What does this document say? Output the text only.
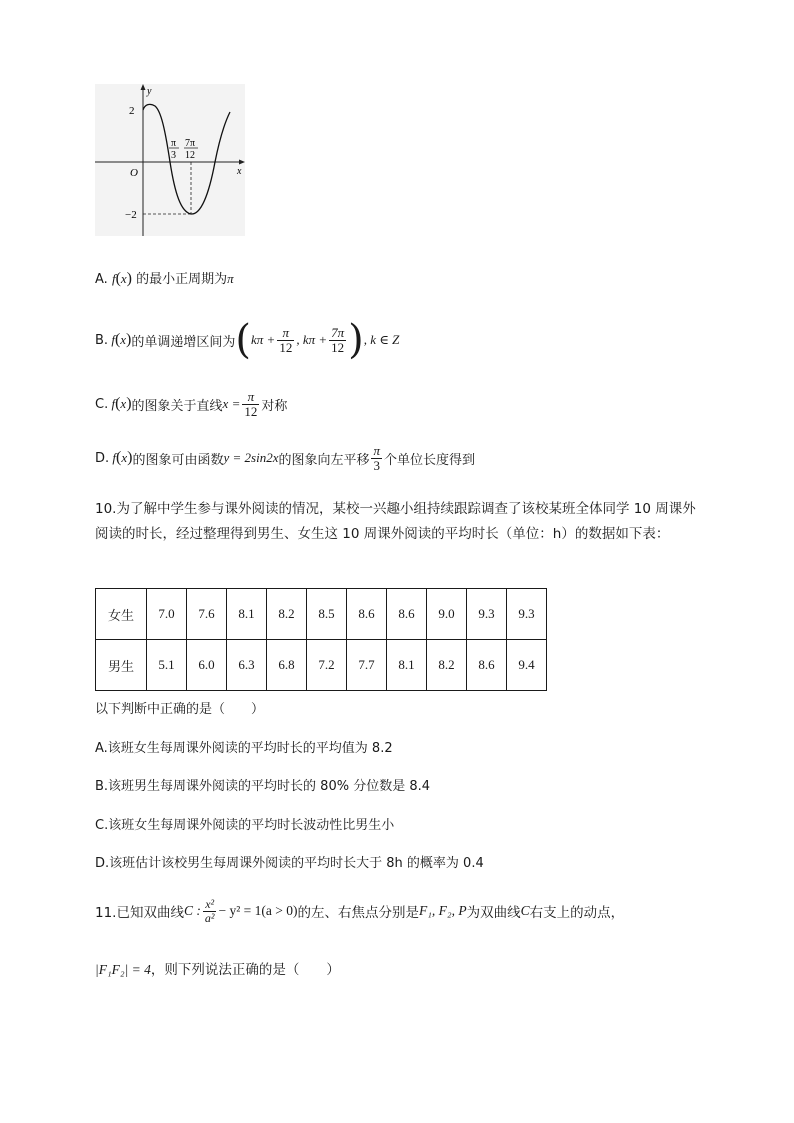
y
x
O
2
−2
π
3
7π
12
A. f(x) 的最小正周期为π
B. f ( x ) 的单调递增区间为 ( $k\pi + \frac{\pi}{12}$ , $k\pi + \frac{7\pi}{12}$ ) , k ∈ Z
C. f ( x ) 的图象关于直线 $x = \frac{\pi}{12}$ 对称
D. f ( x ) 的图象可由函数 y = 2sin2x 的图象向左平移 $\frac{\pi}{3}$ 个单位长度得到
10.为了解中学生参与课外阅读的情况，某校一兴趣小组持续跟踪调查了该校某班全体同学 10 周课外阅读的时长，经过整理得到男生、女生这 10 周课外阅读的平均时长（单位：h）的数据如下表：
女生	7.0	7.6	8.1	8.2	8.5	8.6	8.6	9.0	9.3	9.3
男生	5.1	6.0	6.3	6.8	7.2	7.7	8.1	8.2	8.6	9.4
以下判断中正确的是（　　）
A.该班女生每周课外阅读的平均时长的平均值为 8.2
B.该班男生每周课外阅读的平均时长的 80% 分位数是 8.4
C.该班女生每周课外阅读的平均时长波动性比男生小
D.该班估计该校男生每周课外阅读的平均时长大于 8h 的概率为 0.4
11.已知双曲线 C : $\frac{\text{x²}}{\text{a²}} - y^2 = 1(a > 0)$ 的左、右焦点分别是 F₁, F₂, P 为双曲线 C 右支上的动点，
|F₁F₂| = 4，则下列说法正确的是（　　）
